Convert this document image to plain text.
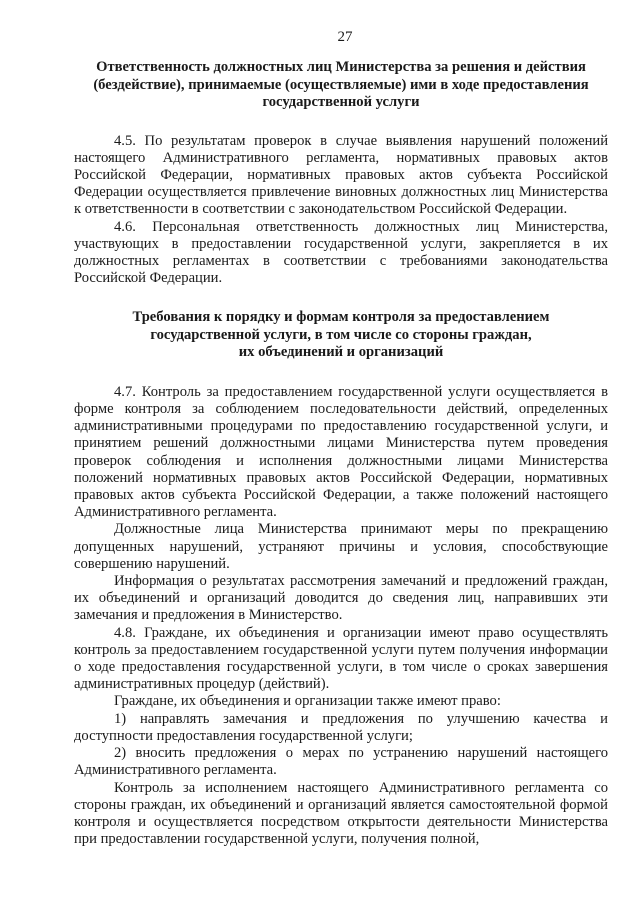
27
Ответственность должностных лиц Министерства за решения и действия
(бездействие), принимаемые (осуществляемые) ими в ходе предоставления
государственной услуги

4.5. По результатам проверок в случае выявления нарушений положений настоящего Административного регламента, нормативных правовых актов Российской Федерации, нормативных правовых актов субъекта Российской Федерации осуществляется привлечение виновных должностных лиц Министерства к ответственности в соответствии с законодательством Российской Федерации.

4.6. Персональная ответственность должностных лиц Министерства, участвующих в предоставлении государственной услуги, закрепляется в их должностных регламентах в соответствии с требованиями законодательства Российской Федерации.

Требования к порядку и формам контроля за предоставлением
государственной услуги, в том числе со стороны граждан,
их объединений и организаций

4.7. Контроль за предоставлением государственной услуги осуществляется в форме контроля за соблюдением последовательности действий, определенных административными процедурами по предоставлению государственной услуги, и принятием решений должностными лицами Министерства путем проведения проверок соблюдения и исполнения должностными лицами Министерства положений нормативных правовых актов Российской Федерации, нормативных правовых актов субъекта Российской Федерации, а также положений настоящего Административного регламента.

Должностные лица Министерства принимают меры по прекращению допущенных нарушений, устраняют причины и условия, способствующие совершению нарушений.

Информация о результатах рассмотрения замечаний и предложений граждан, их объединений и организаций доводится до сведения лиц, направивших эти замечания и предложения в Министерство.

4.8. Граждане, их объединения и организации имеют право осуществлять контроль за предоставлением государственной услуги путем получения информации о ходе предоставления государственной услуги, в том числе о сроках завершения административных процедур (действий).

Граждане, их объединения и организации также имеют право:

1) направлять замечания и предложения по улучшению качества и доступности предоставления государственной услуги;

2) вносить предложения о мерах по устранению нарушений настоящего Административного регламента.

Контроль за исполнением настоящего Административного регламента со стороны граждан, их объединений и организаций является самостоятельной формой контроля и осуществляется посредством открытости деятельности Министерства при предоставлении государственной услуги, получения полной,
